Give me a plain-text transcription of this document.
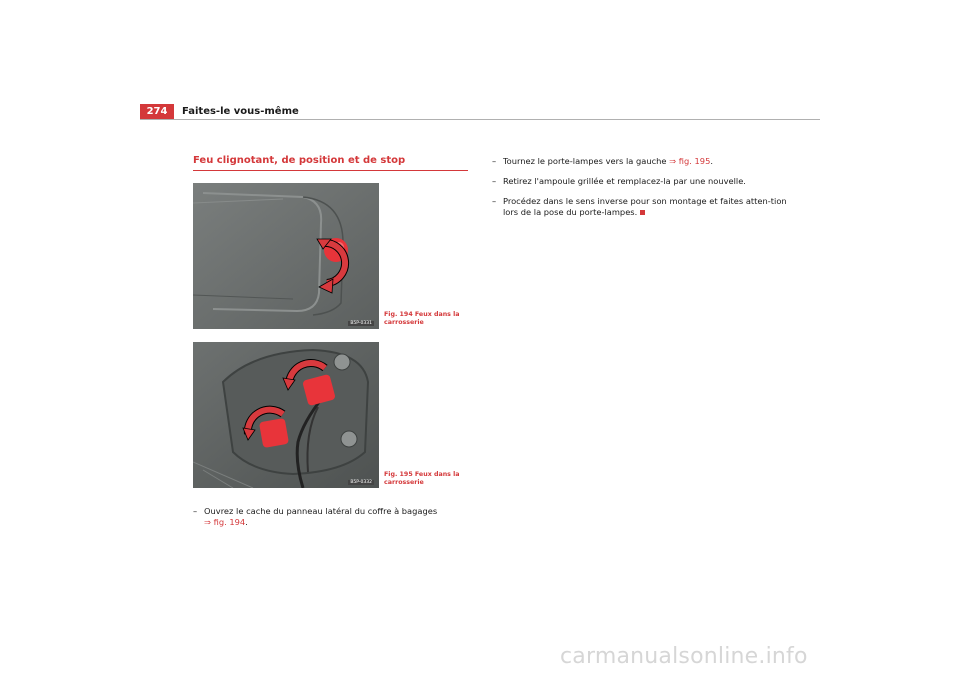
274	Faites-le vous-même
Feu clignotant, de position et de stop
B5P-0331
Fig. 194 Feux dans la carrosserie
B5P-0332
Fig. 195 Feux dans la carrosserie
– Ouvrez le cache du panneau latéral du coffre à bagages
⇒ fig. 194.
– Tournez le porte-lampes vers la gauche ⇒ fig. 195.
– Retirez l'ampoule grillée et remplacez-la par une nouvelle.
– Procédez dans le sens inverse pour son montage et faites atten-tion lors de la pose du porte-lampes.
carmanualsonline.info
